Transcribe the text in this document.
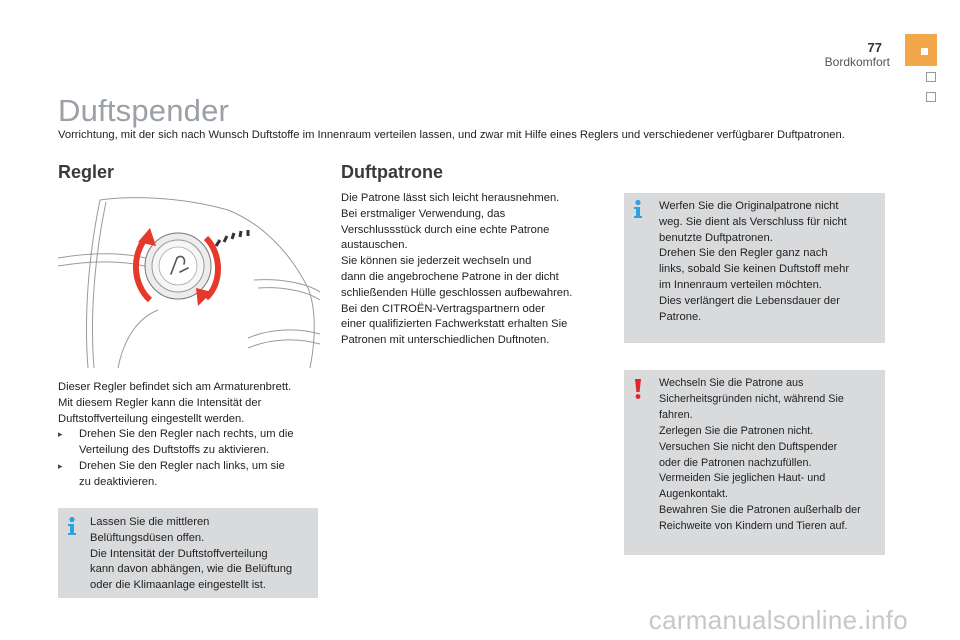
77
Bordkomfort
Duftspender
Vorrichtung, mit der sich nach Wunsch Duftstoffe im Innenraum verteilen lassen, und zwar mit Hilfe eines Reglers und verschiedener verfügbarer Duftpatronen.
Regler
Dieser Regler befindet sich am Armaturenbrett.
Mit diesem Regler kann die Intensität der
Duftstoffverteilung eingestellt werden.
▸	Drehen Sie den Regler nach rechts, um die
Verteilung des Duftstoffs zu aktivieren.
▸	Drehen Sie den Regler nach links, um sie
zu deaktivieren.
Lassen Sie die mittleren
Belüftungsdüsen offen.
Die Intensität der Duftstoffverteilung
kann davon abhängen, wie die Belüftung
oder die Klimaanlage eingestellt ist.
Duftpatrone
Die Patrone lässt sich leicht herausnehmen.
Bei erstmaliger Verwendung, das
Verschlussstück durch eine echte Patrone
austauschen.
Sie können sie jederzeit wechseln und
dann die angebrochene Patrone in der dicht
schließenden Hülle geschlossen aufbewahren.
Bei den CITROËN-Vertragspartnern oder
einer qualifizierten Fachwerkstatt erhalten Sie
Patronen mit unterschiedlichen Duftnoten.
Werfen Sie die Originalpatrone nicht
weg. Sie dient als Verschluss für nicht
benutzte Duftpatronen.
Drehen Sie den Regler ganz nach
links, sobald Sie keinen Duftstoff mehr
im Innenraum verteilen möchten.
Dies verlängert die Lebensdauer der
Patrone.
Wechseln Sie die Patrone aus
Sicherheitsgründen nicht, während Sie
fahren.
Zerlegen Sie die Patronen nicht.
Versuchen Sie nicht den Duftspender
oder die Patronen nachzufüllen.
Vermeiden Sie jeglichen Haut- und
Augenkontakt.
Bewahren Sie die Patronen außerhalb der
Reichweite von Kindern und Tieren auf.
carmanualsonline.info
